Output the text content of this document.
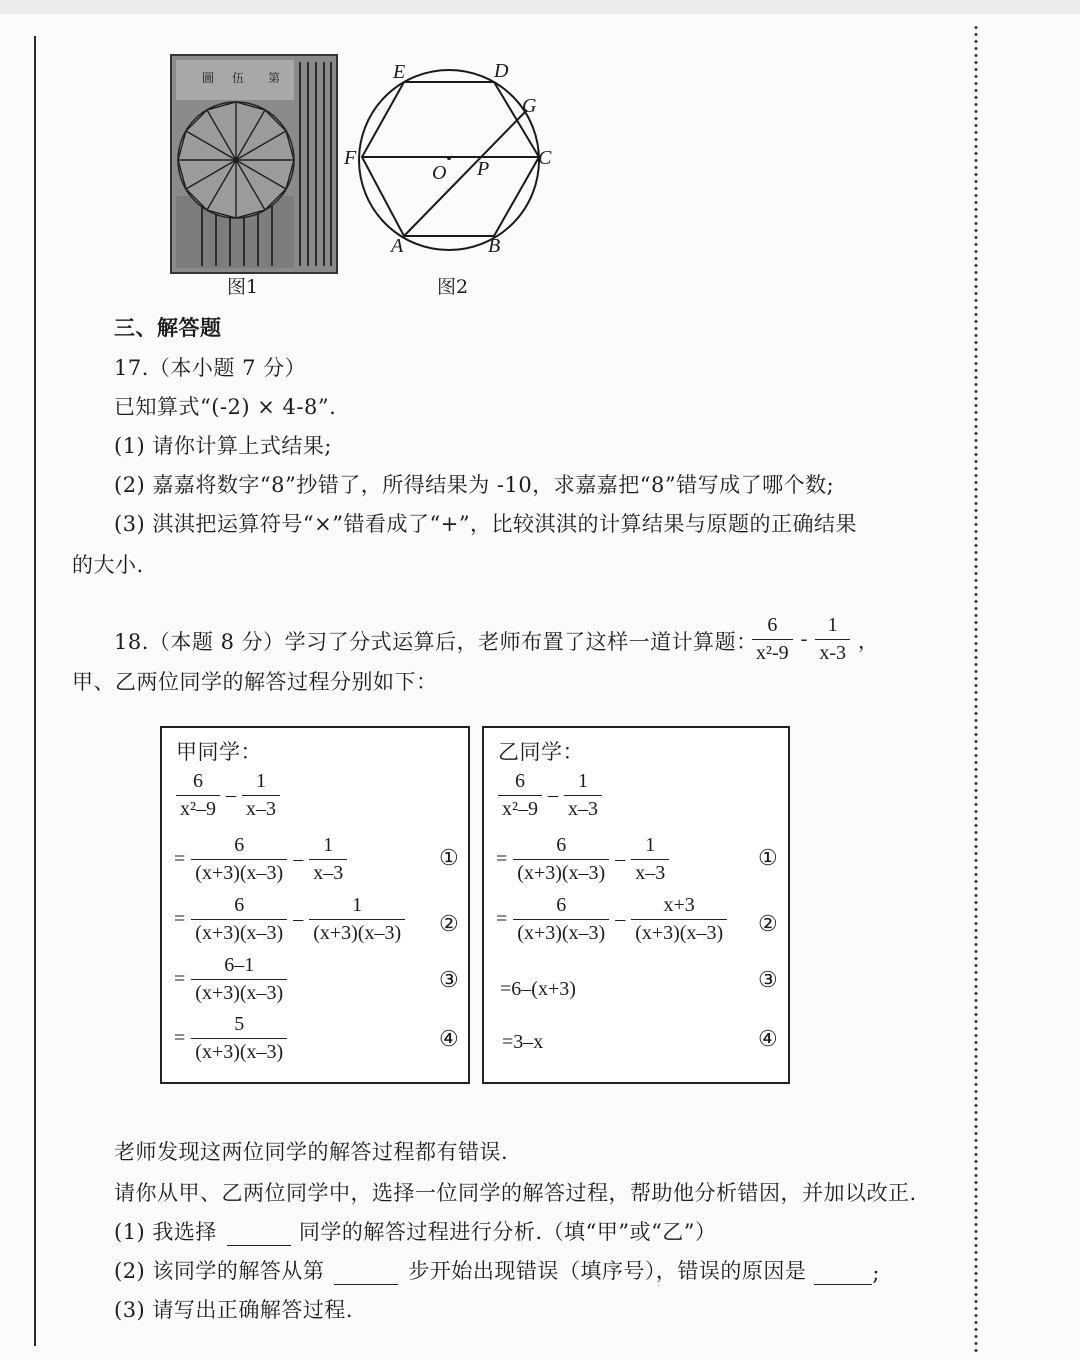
圖 伍 第
图1
E	D
G
F
O P C
A	B
图2
三、解答题
17.（本小题 7 分）
已知算式“(-2) × 4-8”.
(1) 请你计算上式结果;
(2) 嘉嘉将数字“8”抄错了，所得结果为 -10，求嘉嘉把“8”错写成了哪个数;
(3) 淇淇把运算符号“×”错看成了“+”，比较淇淇的计算结果与原题的正确结果
的大小.
18.（本题 8 分）学习了分式运算后，老师布置了这样一道计算题：
$\frac{6}{\text{x²-9}} - \frac{1}{x-3}$ ，
甲、乙两位同学的解答过程分别如下：
甲同学：
$\frac{6}{\text{x²–9}} - \frac{1}{x-3}$
= $\frac{6}{(x+3)(x-3)} - \frac{1}{x-3}$	①
= $\frac{6}{(x+3)(x-3)} - \frac{1}{(x+3)(x-3)}$ ②
= $\frac{6-1}{(x+3)(x-3)}$	③
= $\frac{5}{(x+3)(x-3)}$	④
乙同学：
$\frac{6}{\text{x²–9}} - \frac{1}{x-3}$
= $\frac{6}{(x+3)(x-3)} - \frac{1}{x-3}$	①
= $\frac{6}{(x+3)(x-3)} - \frac{x+3}{(x+3)(x-3)}$ ②
=6–(x+3)	③
=3–x	④
老师发现这两位同学的解答过程都有错误.
请你从甲、乙两位同学中，选择一位同学的解答过程，帮助他分析错因，并加以改正.
(1) 我选择	同学的解答过程进行分析.（填“甲”或“乙”）
(2) 该同学的解答从第	步开始出现错误（填序号），错误的原因是	;
(3) 请写出正确解答过程.
